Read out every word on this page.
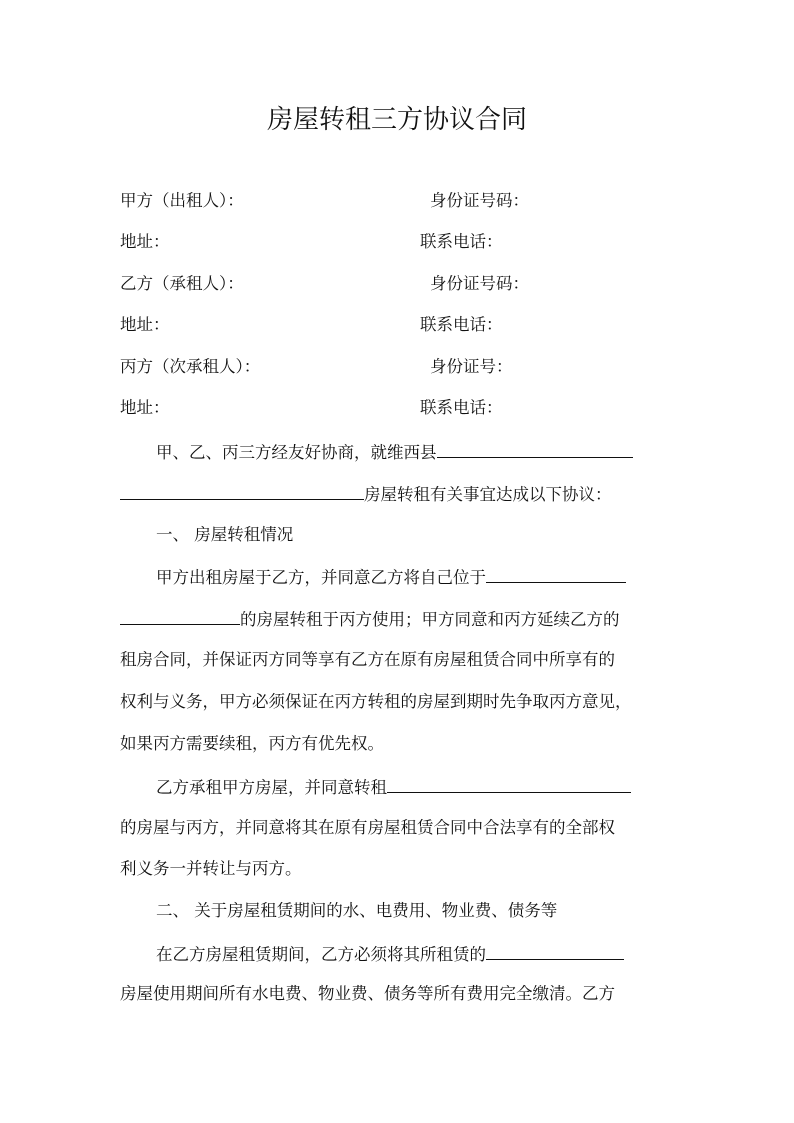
房屋转租三方协议合同
甲方（出租人）：	身份证号码：
地址：	联系电话：
乙方（承租人）：	身份证号码：
地址：	联系电话：
丙方（次承租人）：	身份证号：
地址：	联系电话：
甲、乙、丙三方经友好协商，就维西县
房屋转租有关事宜达成以下协议：
一、 房屋转租情况
甲方出租房屋于乙方，并同意乙方将自己位于
的房屋转租于丙方使用；甲方同意和丙方延续乙方的
租房合同，并保证丙方同等享有乙方在原有房屋租赁合同中所享有的
权利与义务，甲方必须保证在丙方转租的房屋到期时先争取丙方意见，
如果丙方需要续租，丙方有优先权。
乙方承租甲方房屋，并同意转租
的房屋与丙方，并同意将其在原有房屋租赁合同中合法享有的全部权
利义务一并转让与丙方。
二、 关于房屋租赁期间的水、电费用、物业费、债务等
在乙方房屋租赁期间，乙方必须将其所租赁的
房屋使用期间所有水电费、物业费、债务等所有费用完全缴清。乙方
